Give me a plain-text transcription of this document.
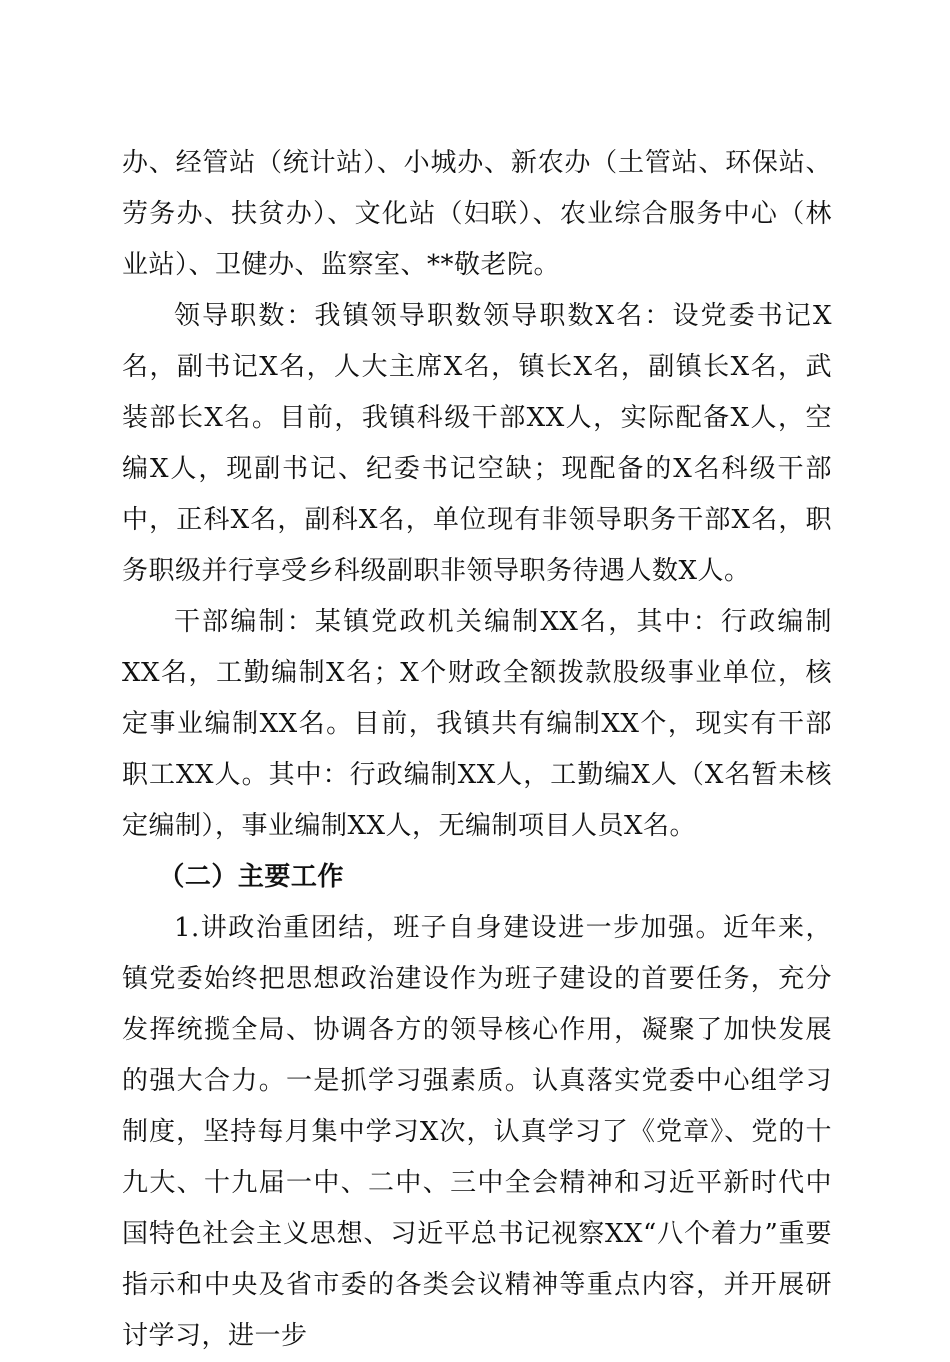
办、经管站（统计站）、小城办、新农办（土管站、环保站、劳务办、扶贫办）、文化站（妇联）、农业综合服务中心（林业站）、卫健办、监察室、**敬老院。

领导职数：我镇领导职数领导职数X名：设党委书记X名，副书记X名，人大主席X名，镇长X名，副镇长X名，武装部长X名。目前，我镇科级干部XX人，实际配备X人，空编X人，现副书记、纪委书记空缺；现配备的X名科级干部中，正科X名，副科X名，单位现有非领导职务干部X名，职务职级并行享受乡科级副职非领导职务待遇人数X人。

干部编制：某镇党政机关编制XX名，其中：行政编制XX名，工勤编制X名；X个财政全额拨款股级事业单位，核定事业编制XX名。目前，我镇共有编制XX个，现实有干部职工XX人。其中：行政编制XX人，工勤编X人（X名暂未核定编制），事业编制XX人，无编制项目人员X名。

（二）主要工作

1.讲政治重团结，班子自身建设进一步加强。近年来，镇党委始终把思想政治建设作为班子建设的首要任务，充分发挥统揽全局、协调各方的领导核心作用，凝聚了加快发展的强大合力。一是抓学习强素质。认真落实党委中心组学习制度，坚持每月集中学习X次，认真学习了《党章》、党的十九大、十九届一中、二中、三中全会精神和习近平新时代中国特色社会主义思想、习近平总书记视察XX“八个着力”重要指示和中央及省市委的各类会议精神等重点内容，并开展研讨学习，进一步
